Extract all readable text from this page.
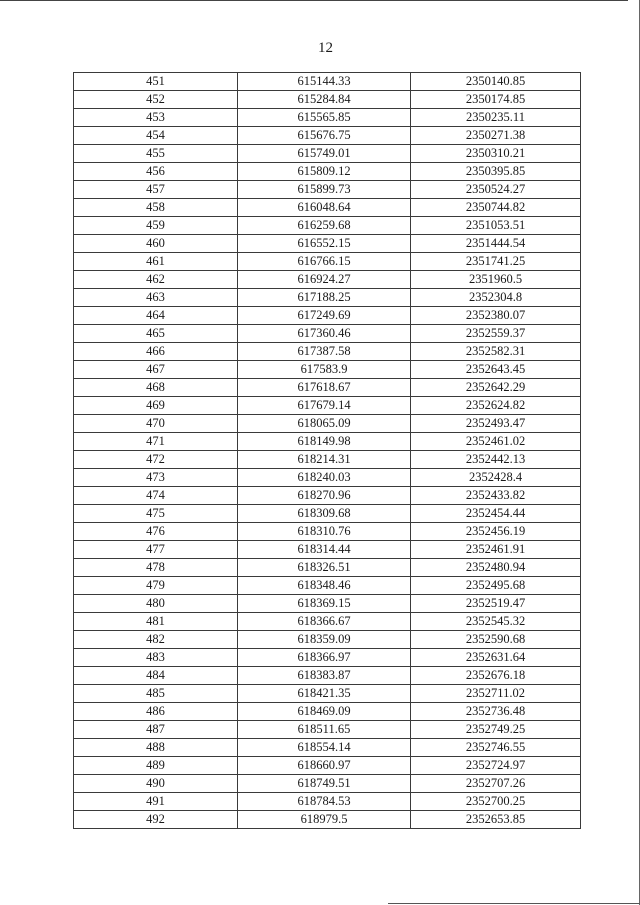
12
451	615144.33	2350140.85
452	615284.84	2350174.85
453	615565.85	2350235.11
454	615676.75	2350271.38
455	615749.01	2350310.21
456	615809.12	2350395.85
457	615899.73	2350524.27
458	616048.64	2350744.82
459	616259.68	2351053.51
460	616552.15	2351444.54
461	616766.15	2351741.25
462	616924.27	2351960.5
463	617188.25	2352304.8
464	617249.69	2352380.07
465	617360.46	2352559.37
466	617387.58	2352582.31
467	617583.9	2352643.45
468	617618.67	2352642.29
469	617679.14	2352624.82
470	618065.09	2352493.47
471	618149.98	2352461.02
472	618214.31	2352442.13
473	618240.03	2352428.4
474	618270.96	2352433.82
475	618309.68	2352454.44
476	618310.76	2352456.19
477	618314.44	2352461.91
478	618326.51	2352480.94
479	618348.46	2352495.68
480	618369.15	2352519.47
481	618366.67	2352545.32
482	618359.09	2352590.68
483	618366.97	2352631.64
484	618383.87	2352676.18
485	618421.35	2352711.02
486	618469.09	2352736.48
487	618511.65	2352749.25
488	618554.14	2352746.55
489	618660.97	2352724.97
490	618749.51	2352707.26
491	618784.53	2352700.25
492	618979.5	2352653.85
